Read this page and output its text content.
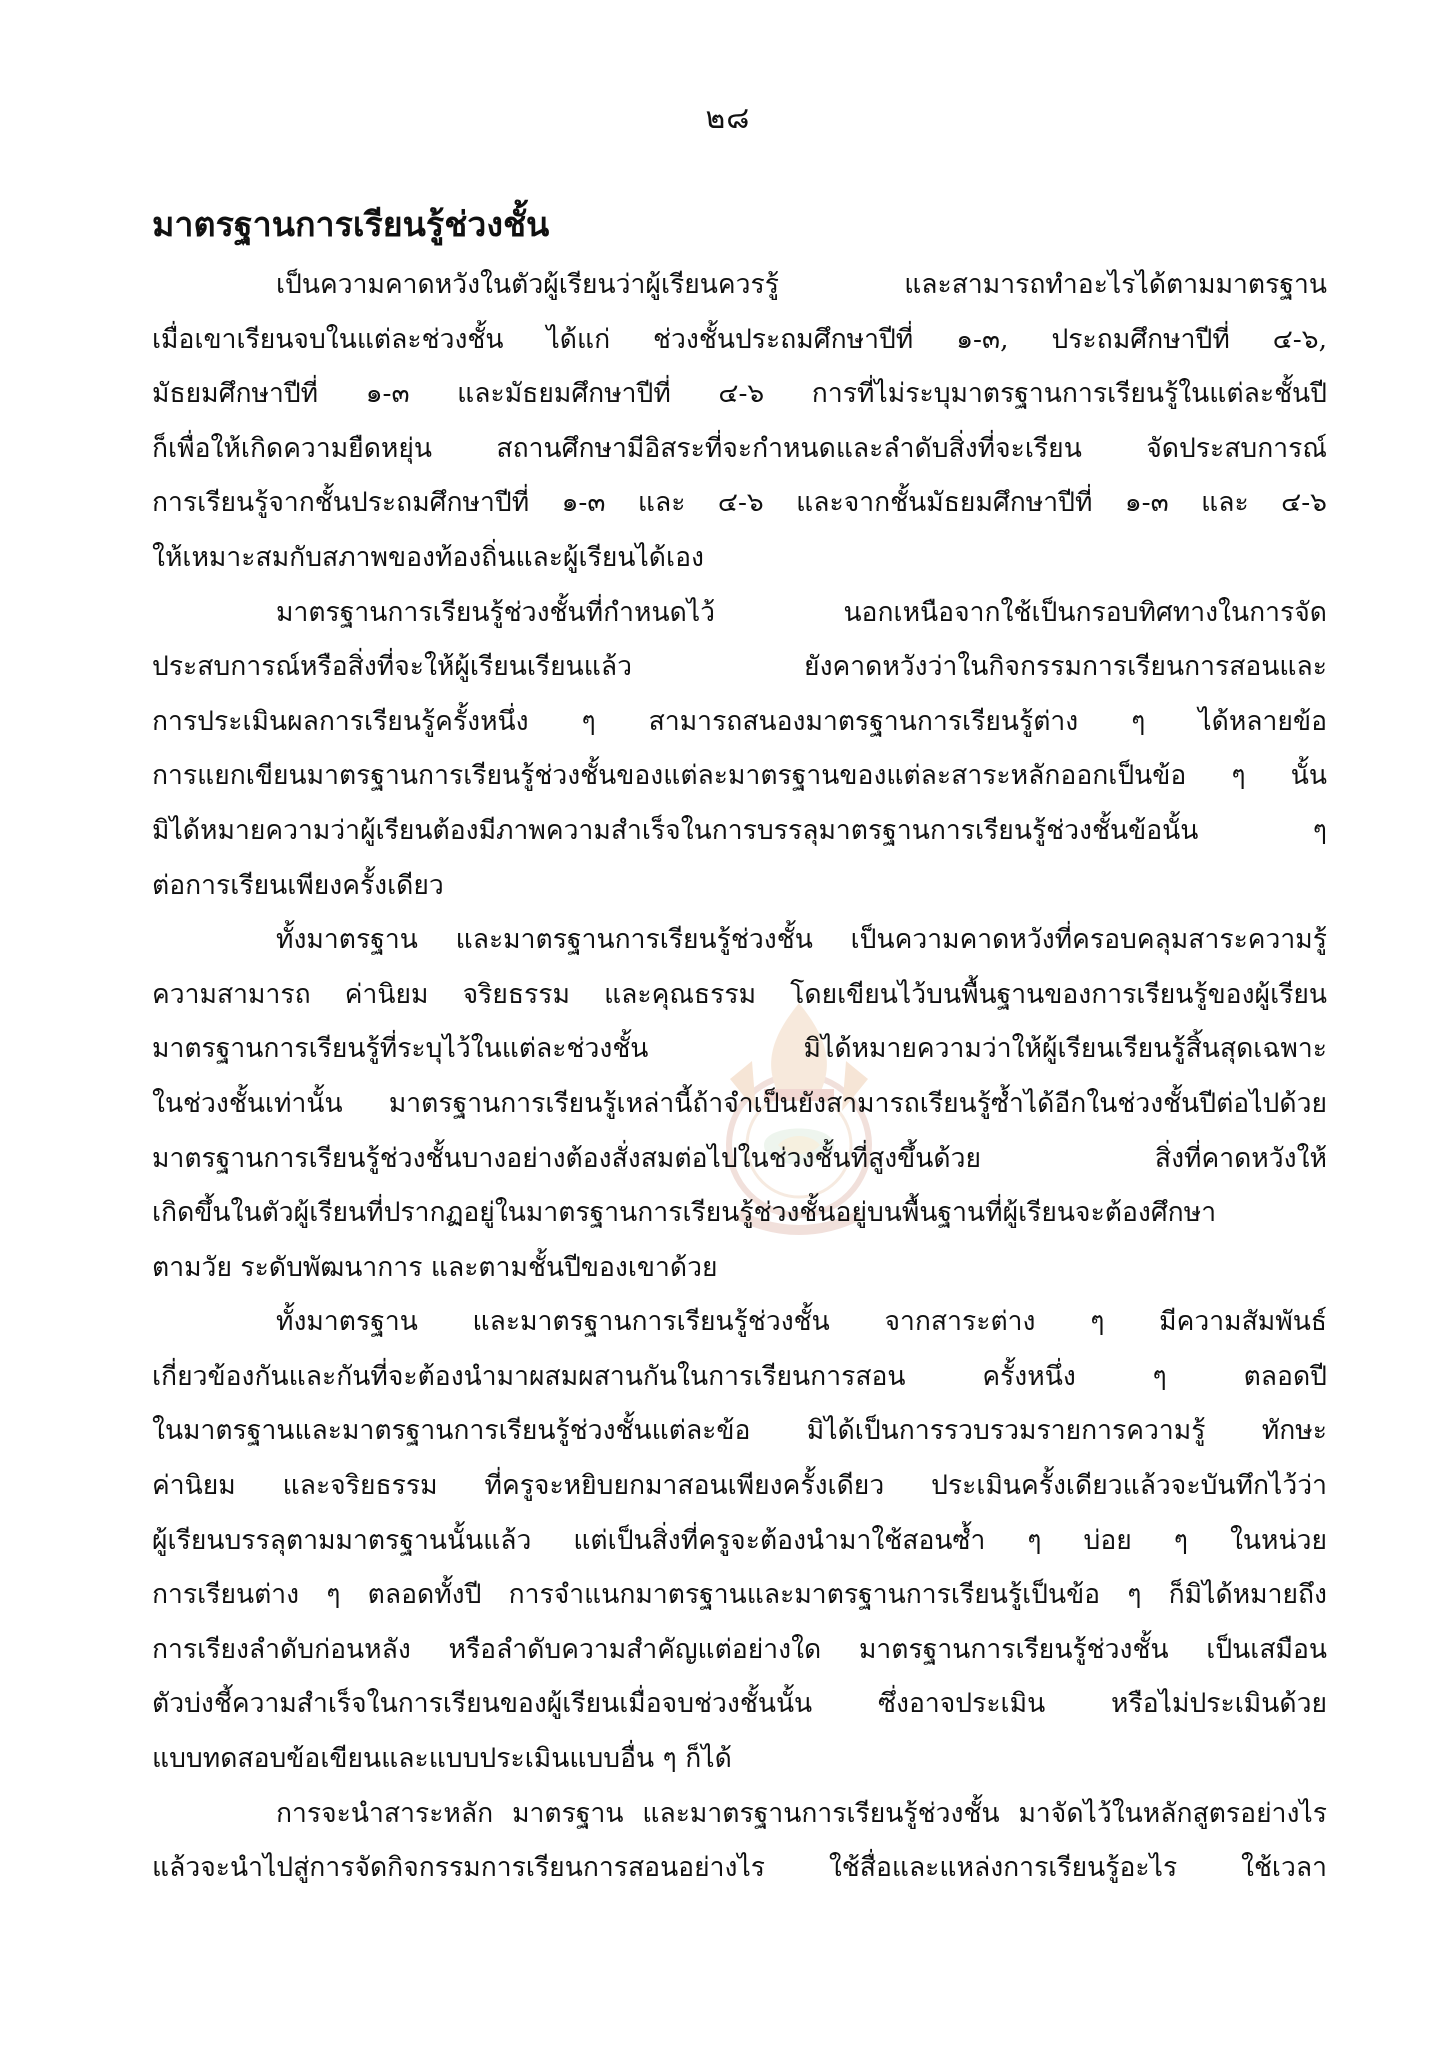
๒๘
มาตรฐานการเรียนรู้ช่วงชั้น

เป็นความคาดหวังในตัวผู้เรียนว่าผู้เรียนควรรู้ และสามารถทำอะไรได้ตามมาตรฐาน
เมื่อเขาเรียนจบในแต่ละช่วงชั้น ได้แก่ ช่วงชั้นประถมศึกษาปีที่ ๑-๓, ประถมศึกษาปีที่ ๔-๖,
มัธยมศึกษาปีที่ ๑-๓ และมัธยมศึกษาปีที่ ๔-๖ การที่ไม่ระบุมาตรฐานการเรียนรู้ในแต่ละชั้นปี
ก็เพื่อให้เกิดความยืดหยุ่น สถานศึกษามีอิสระที่จะกำหนดและลำดับสิ่งที่จะเรียน จัดประสบการณ์
การเรียนรู้จากชั้นประถมศึกษาปีที่ ๑-๓ และ ๔-๖ และจากชั้นมัธยมศึกษาปีที่ ๑-๓ และ ๔-๖
ให้เหมาะสมกับสภาพของท้องถิ่นและผู้เรียนได้เอง

มาตรฐานการเรียนรู้ช่วงชั้นที่กำหนดไว้ นอกเหนือจากใช้เป็นกรอบทิศทางในการจัด
ประสบการณ์หรือสิ่งที่จะให้ผู้เรียนเรียนแล้ว ยังคาดหวังว่าในกิจกรรมการเรียนการสอนและ
การประเมินผลการเรียนรู้ครั้งหนึ่ง ๆ สามารถสนองมาตรฐานการเรียนรู้ต่าง ๆ ได้หลายข้อ
การแยกเขียนมาตรฐานการเรียนรู้ช่วงชั้นของแต่ละมาตรฐานของแต่ละสาระหลักออกเป็นข้อ ๆ นั้น
มิได้หมายความว่าผู้เรียนต้องมีภาพความสำเร็จในการบรรลุมาตรฐานการเรียนรู้ช่วงชั้นข้อนั้น ๆ
ต่อการเรียนเพียงครั้งเดียว

ทั้งมาตรฐาน และมาตรฐานการเรียนรู้ช่วงชั้น เป็นความคาดหวังที่ครอบคลุมสาระความรู้
ความสามารถ ค่านิยม จริยธรรม และคุณธรรม โดยเขียนไว้บนพื้นฐานของการเรียนรู้ของผู้เรียน
มาตรฐานการเรียนรู้ที่ระบุไว้ในแต่ละช่วงชั้น มิได้หมายความว่าให้ผู้เรียนเรียนรู้สิ้นสุดเฉพาะ
ในช่วงชั้นเท่านั้น มาตรฐานการเรียนรู้เหล่านี้ถ้าจำเป็นยังสามารถเรียนรู้ซ้ำได้อีกในช่วงชั้นปีต่อไปด้วย
มาตรฐานการเรียนรู้ช่วงชั้นบางอย่างต้องสั่งสมต่อไปในช่วงชั้นที่สูงขึ้นด้วย สิ่งที่คาดหวังให้
เกิดขึ้นในตัวผู้เรียนที่ปรากฏอยู่ในมาตรฐานการเรียนรู้ช่วงชั้นอยู่บนพื้นฐานที่ผู้เรียนจะต้องศึกษา
ตามวัย ระดับพัฒนาการ และตามชั้นปีของเขาด้วย

ทั้งมาตรฐาน และมาตรฐานการเรียนรู้ช่วงชั้น จากสาระต่าง ๆ มีความสัมพันธ์
เกี่ยวข้องกันและกันที่จะต้องนำมาผสมผสานกันในการเรียนการสอน ครั้งหนึ่ง ๆ ตลอดปี
ในมาตรฐานและมาตรฐานการเรียนรู้ช่วงชั้นแต่ละข้อ มิได้เป็นการรวบรวมรายการความรู้ ทักษะ
ค่านิยม และจริยธรรม ที่ครูจะหยิบยกมาสอนเพียงครั้งเดียว ประเมินครั้งเดียวแล้วจะบันทึกไว้ว่า
ผู้เรียนบรรลุตามมาตรฐานนั้นแล้ว แต่เป็นสิ่งที่ครูจะต้องนำมาใช้สอนซ้ำ ๆ บ่อย ๆ ในหน่วย
การเรียนต่าง ๆ ตลอดทั้งปี การจำแนกมาตรฐานและมาตรฐานการเรียนรู้เป็นข้อ ๆ ก็มิได้หมายถึง
การเรียงลำดับก่อนหลัง หรือลำดับความสำคัญแต่อย่างใด มาตรฐานการเรียนรู้ช่วงชั้น เป็นเสมือน
ตัวบ่งชี้ความสำเร็จในการเรียนของผู้เรียนเมื่อจบช่วงชั้นนั้น ซึ่งอาจประเมิน หรือไม่ประเมินด้วย
แบบทดสอบข้อเขียนและแบบประเมินแบบอื่น ๆ ก็ได้

การจะนำสาระหลัก มาตรฐาน และมาตรฐานการเรียนรู้ช่วงชั้น มาจัดไว้ในหลักสูตรอย่างไร
แล้วจะนำไปสู่การจัดกิจกรรมการเรียนการสอนอย่างไร ใช้สื่อและแหล่งการเรียนรู้อะไร ใช้เวลา
